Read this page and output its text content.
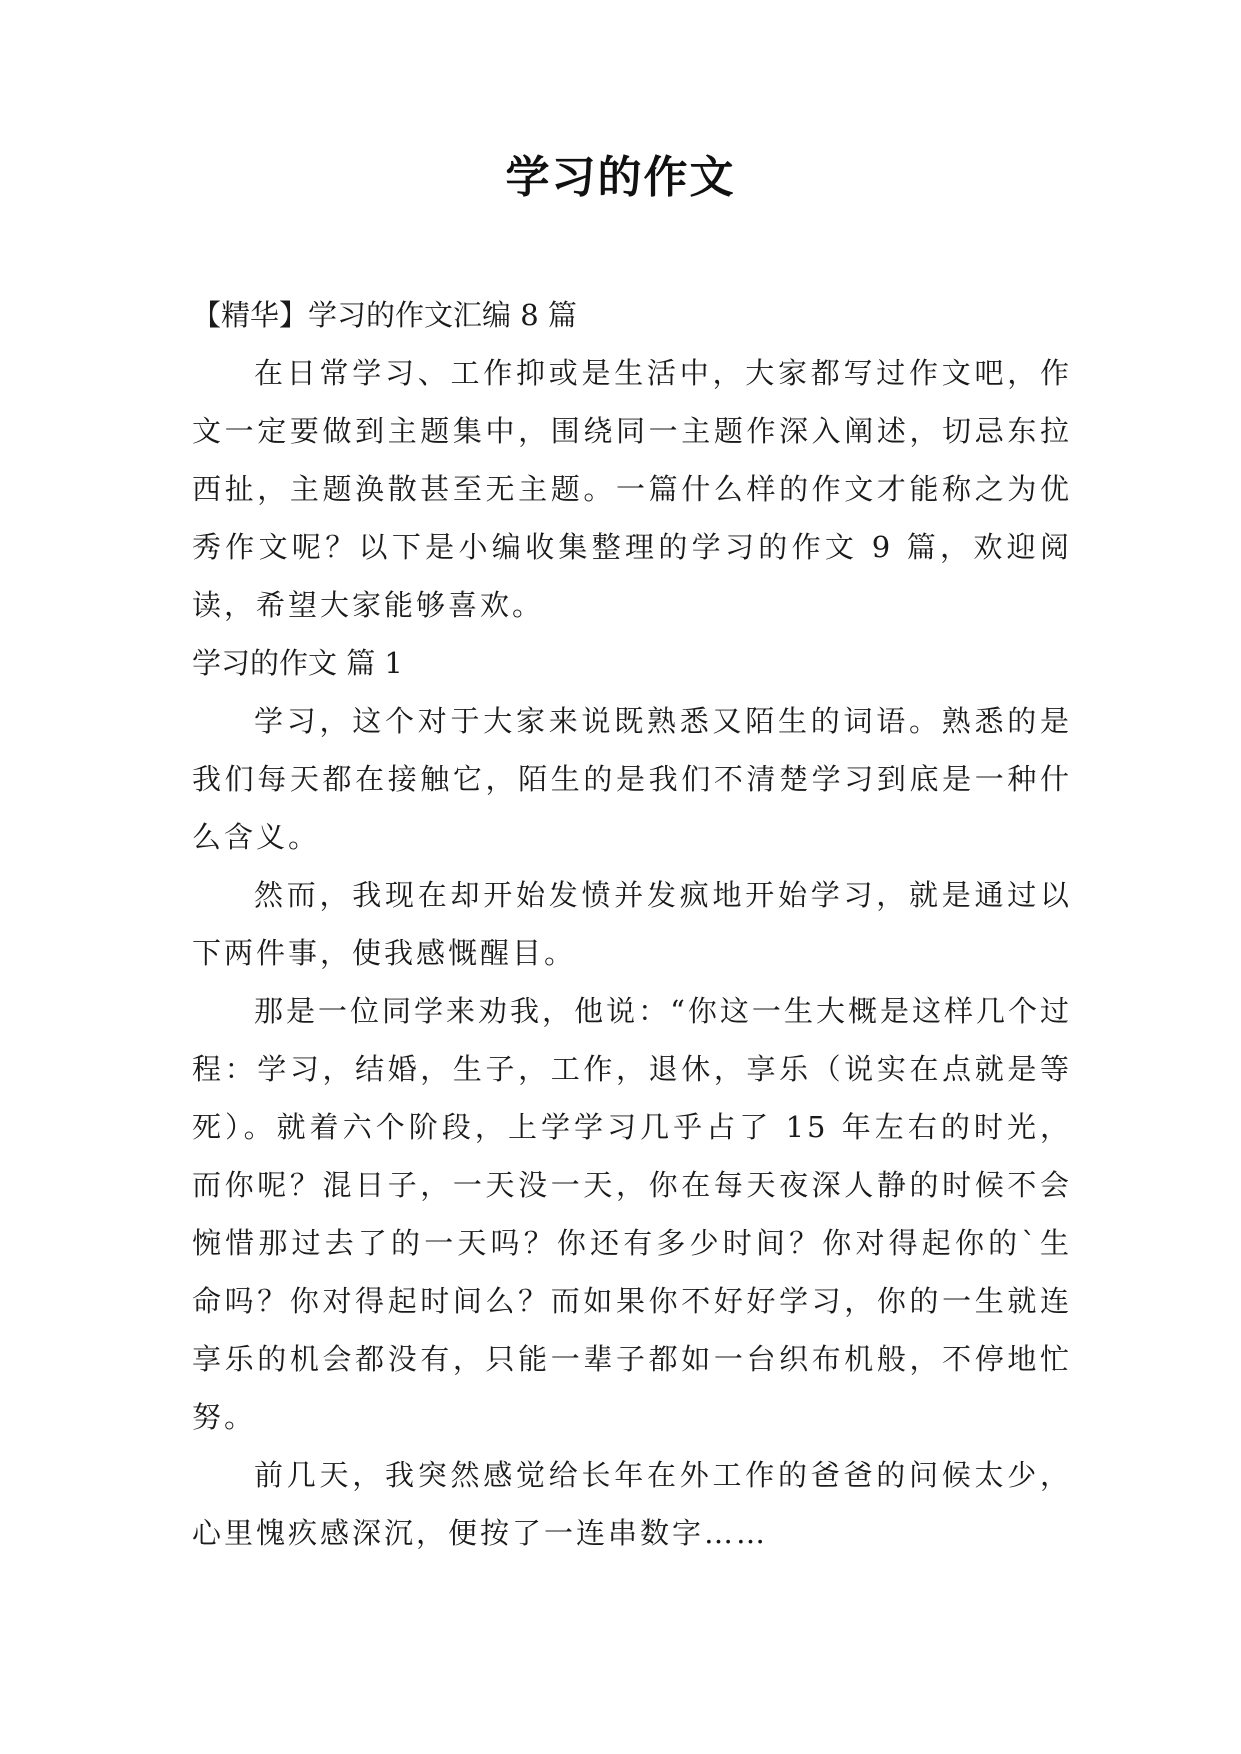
学习的作文

【精华】学习的作文汇编 8 篇

在日常学习、工作抑或是生活中，大家都写过作文吧，作文一定要做到主题集中，围绕同一主题作深入阐述，切忌东拉西扯，主题涣散甚至无主题。一篇什么样的作文才能称之为优秀作文呢？以下是小编收集整理的学习的作文 9 篇，欢迎阅读，希望大家能够喜欢。

学习的作文 篇 1

学习，这个对于大家来说既熟悉又陌生的词语。熟悉的是我们每天都在接触它，陌生的是我们不清楚学习到底是一种什么含义。

然而，我现在却开始发愤并发疯地开始学习，就是通过以下两件事，使我感慨醒目。

那是一位同学来劝我，他说：“你这一生大概是这样几个过程：学习，结婚，生子，工作，退休，享乐（说实在点就是等死）。就着六个阶段，上学学习几乎占了 15 年左右的时光，而你呢？混日子，一天没一天，你在每天夜深人静的时候不会惋惜那过去了的一天吗？你还有多少时间？你对得起你的`生命吗？你对得起时间么？而如果你不好好学习，你的一生就连享乐的机会都没有，只能一辈子都如一台织布机般，不停地忙努。

前几天，我突然感觉给长年在外工作的爸爸的问候太少，心里愧疚感深沉，便按了一连串数字……
